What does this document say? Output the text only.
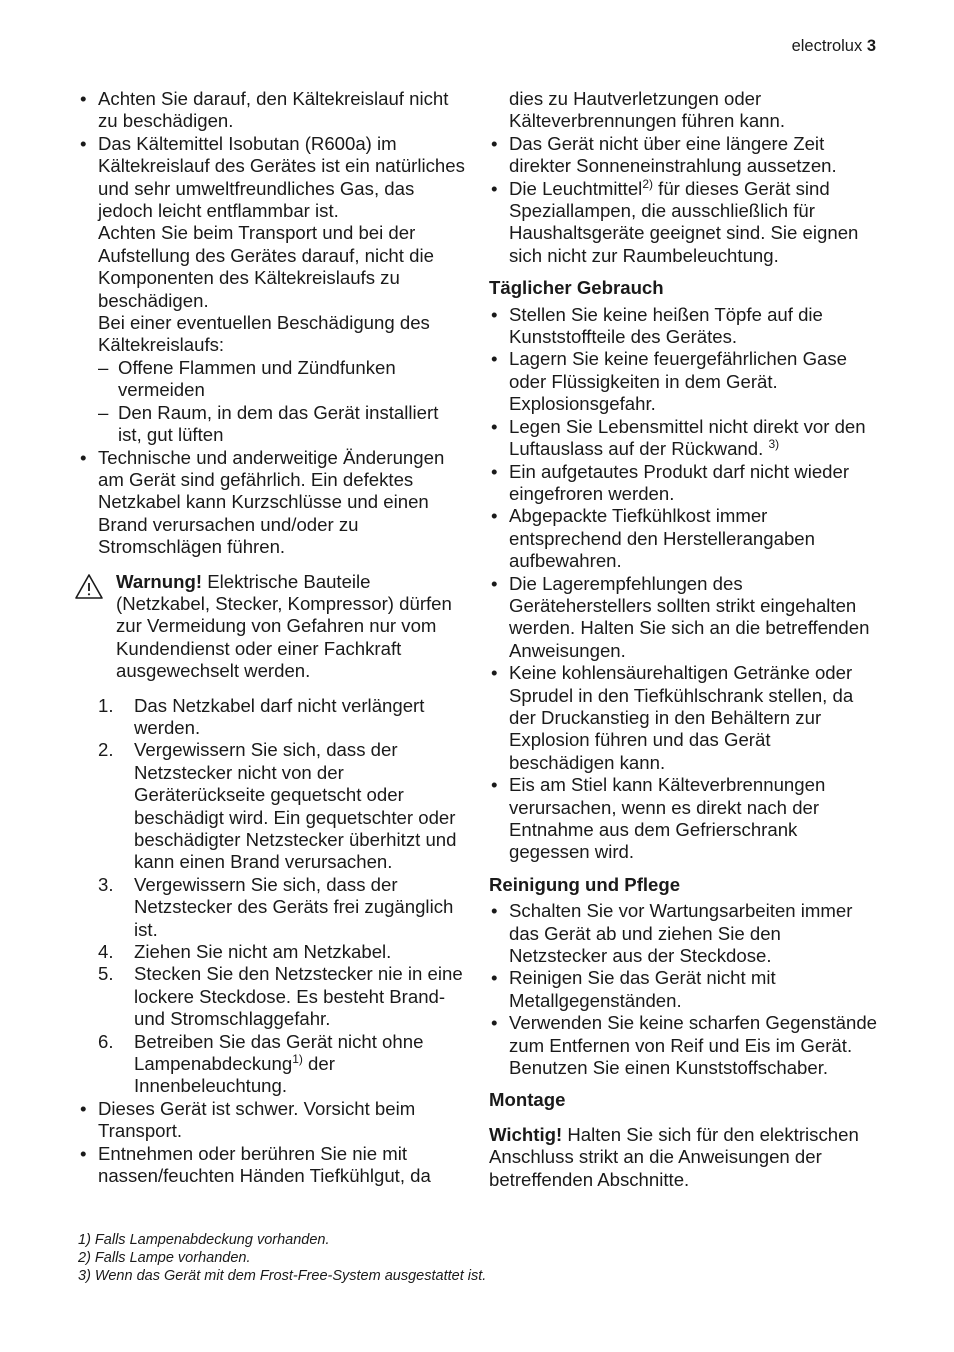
electrolux 3
• Achten Sie darauf, den Kältekreislauf nicht zu beschädigen.

• Das Kältemittel Isobutan (R600a) im Kältekreislauf des Gerätes ist ein natürliches und sehr umweltfreundliches Gas, das jedoch leicht entflammbar ist.

Achten Sie beim Transport und bei der Aufstellung des Gerätes darauf, nicht die Komponenten des Kältekreislaufs zu beschädigen.

Bei einer eventuellen Beschädigung des Kältekreislaufs:

– Offene Flammen und Zündfunken vermeiden
– Den Raum, in dem das Gerät installiert ist, gut lüften
• Technische und anderweitige Änderungen am Gerät sind gefährlich. Ein defektes Netzkabel kann Kurzschlüsse und einen Brand verursachen und/oder zu Stromschlägen führen.

Warnung! Elektrische Bauteile (Netzkabel, Stecker, Kompressor) dürfen zur Vermeidung von Gefahren nur vom Kundendienst oder einer Fachkraft ausgewechselt werden.

1. Das Netzkabel darf nicht verlängert werden.
2. Vergewissern Sie sich, dass der Netzstecker nicht von der Geräterückseite gequetscht oder beschädigt wird. Ein gequetschter oder beschädigter Netzstecker überhitzt und kann einen Brand verursachen.
3. Vergewissern Sie sich, dass der Netzstecker des Geräts frei zugänglich ist.
4. Ziehen Sie nicht am Netzkabel.
5. Stecken Sie den Netzstecker nie in eine lockere Steckdose. Es besteht Brand- und Stromschlaggefahr.
6. Betreiben Sie das Gerät nicht ohne Lampenabdeckung$^{1)}$ der Innenbeleuchtung.
• Dieses Gerät ist schwer. Vorsicht beim Transport.
• Entnehmen oder berühren Sie nie mit nassen/feuchten Händen Tiefkühlgut, da

dies zu Hautverletzungen oder Kälteverbrennungen führen kann.

• Das Gerät nicht über eine längere Zeit direkter Sonneneinstrahlung aussetzen.
• Die Leuchtmittel$^{2)}$ für dieses Gerät sind Speziallampen, die ausschließlich für Haushaltsgeräte geeignet sind. Sie eignen sich nicht zur Raumbeleuchtung.
Täglicher Gebrauch
• Stellen Sie keine heißen Töpfe auf die Kunststoffteile des Gerätes.
• Lagern Sie keine feuergefährlichen Gase oder Flüssigkeiten in dem Gerät. Explosionsgefahr.
• Legen Sie Lebensmittel nicht direkt vor den Luftauslass auf der Rückwand. $^{3)}$
• Ein aufgetautes Produkt darf nicht wieder eingefroren werden.
• Abgepackte Tiefkühlkost immer entsprechend den Herstellerangaben aufbewahren.
• Die Lagerempfehlungen des Geräteherstellers sollten strikt eingehalten werden. Halten Sie sich an die betreffenden Anweisungen.
• Keine kohlensäurehaltigen Getränke oder Sprudel in den Tiefkühlschrank stellen, da der Druckanstieg in den Behältern zur Explosion führen und das Gerät beschädigen kann.
• Eis am Stiel kann Kälteverbrennungen verursachen, wenn es direkt nach der Entnahme aus dem Gefrierschrank gegessen wird.
Reinigung und Pflege
• Schalten Sie vor Wartungsarbeiten immer das Gerät ab und ziehen Sie den Netzstecker aus der Steckdose.
• Reinigen Sie das Gerät nicht mit Metallgegenständen.
• Verwenden Sie keine scharfen Gegenstände zum Entfernen von Reif und Eis im Gerät. Benutzen Sie einen Kunststoffschaber.
Montage

Wichtig! Halten Sie sich für den elektrischen Anschluss strikt an die Anweisungen der betreffenden Abschnitte.

1) Falls Lampenabdeckung vorhanden.
2) Falls Lampe vorhanden.
3) Wenn das Gerät mit dem Frost-Free-System ausgestattet ist.
